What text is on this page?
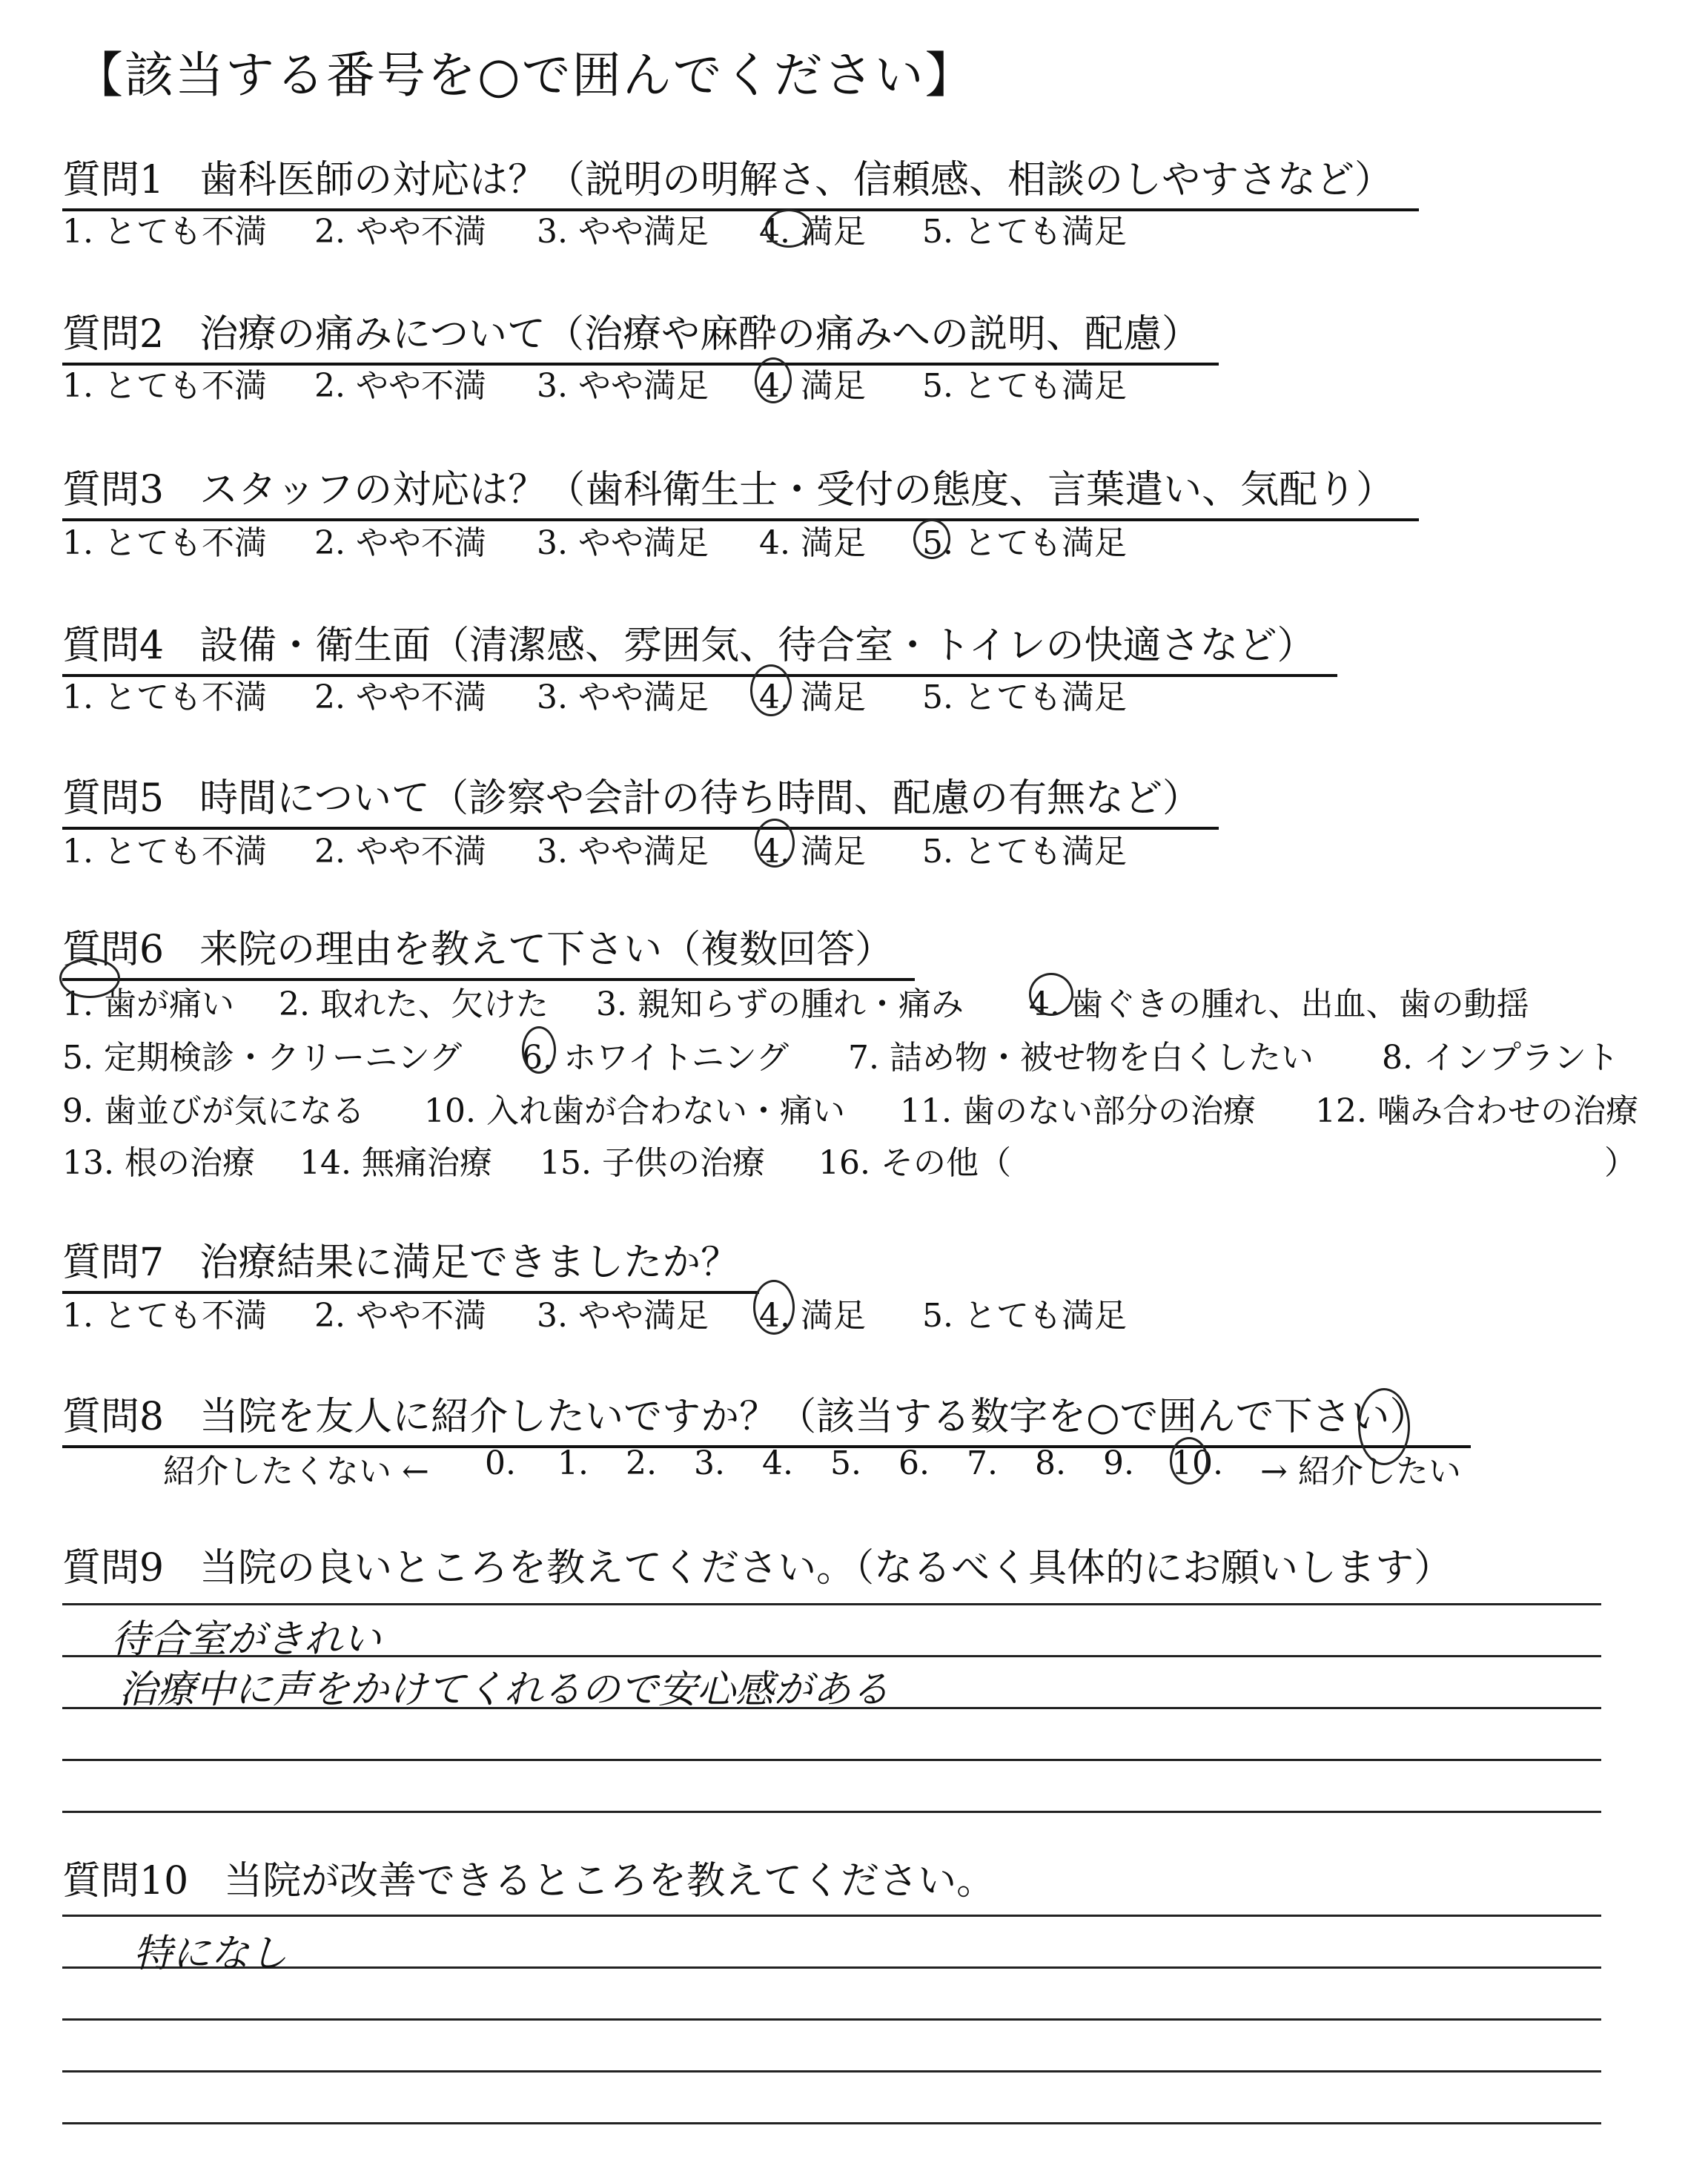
【該当する番号を○で囲んでください】
質問1 歯科医師の対応は？（説明の明解さ、信頼感、相談のしやすさなど）
1. とても不満 2. やや不満 3. やや満足 4. 満足 5. とても満足
質問2 治療の痛みについて（治療や麻酔の痛みへの説明、配慮）
1. とても不満 2. やや不満 3. やや満足 4. 満足 5. とても満足
質問3 スタッフの対応は？（歯科衛生士・受付の態度、言葉遣い、気配り）
1. とても不満 2. やや不満 3. やや満足 4. 満足 5. とても満足
質問4 設備・衛生面（清潔感、雰囲気、待合室・トイレの快適さなど）
1. とても不満 2. やや不満 3. やや満足 4. 満足 5. とても満足
質問5 時間について（診察や会計の待ち時間、配慮の有無など）
1. とても不満 2. やや不満 3. やや満足 4. 満足 5. とても満足
質問6 来院の理由を教えて下さい（複数回答）
1. 歯が痛い 2. 取れた、欠けた 3. 親知らずの腫れ・痛み 4. 歯ぐきの腫れ、出血、歯の動揺
5. 定期検診・クリーニング 6. ホワイトニング 7. 詰め物・被せ物を白くしたい 8. インプラント
9. 歯並びが気になる 10. 入れ歯が合わない・痛い 11. 歯のない部分の治療 12. 噛み合わせの治療
13. 根の治療 14. 無痛治療 15. 子供の治療 16. その他（	）
質問7 治療結果に満足できましたか？
1. とても不満 2. やや不満 3. やや満足 4. 満足 5. とても満足
質問8 当院を友人に紹介したいですか？（該当する数字を○で囲んで下さい）
紹介したくない ← 0. 1. 2. 3. 4. 5. 6. 7. 8. 9. 10. → 紹介したい
質問9 当院の良いところを教えてください。（なるべく具体的にお願いします）
待合室がきれい
治療中に声をかけてくれるので安心感がある
質問10 当院が改善できるところを教えてください。
特になし
